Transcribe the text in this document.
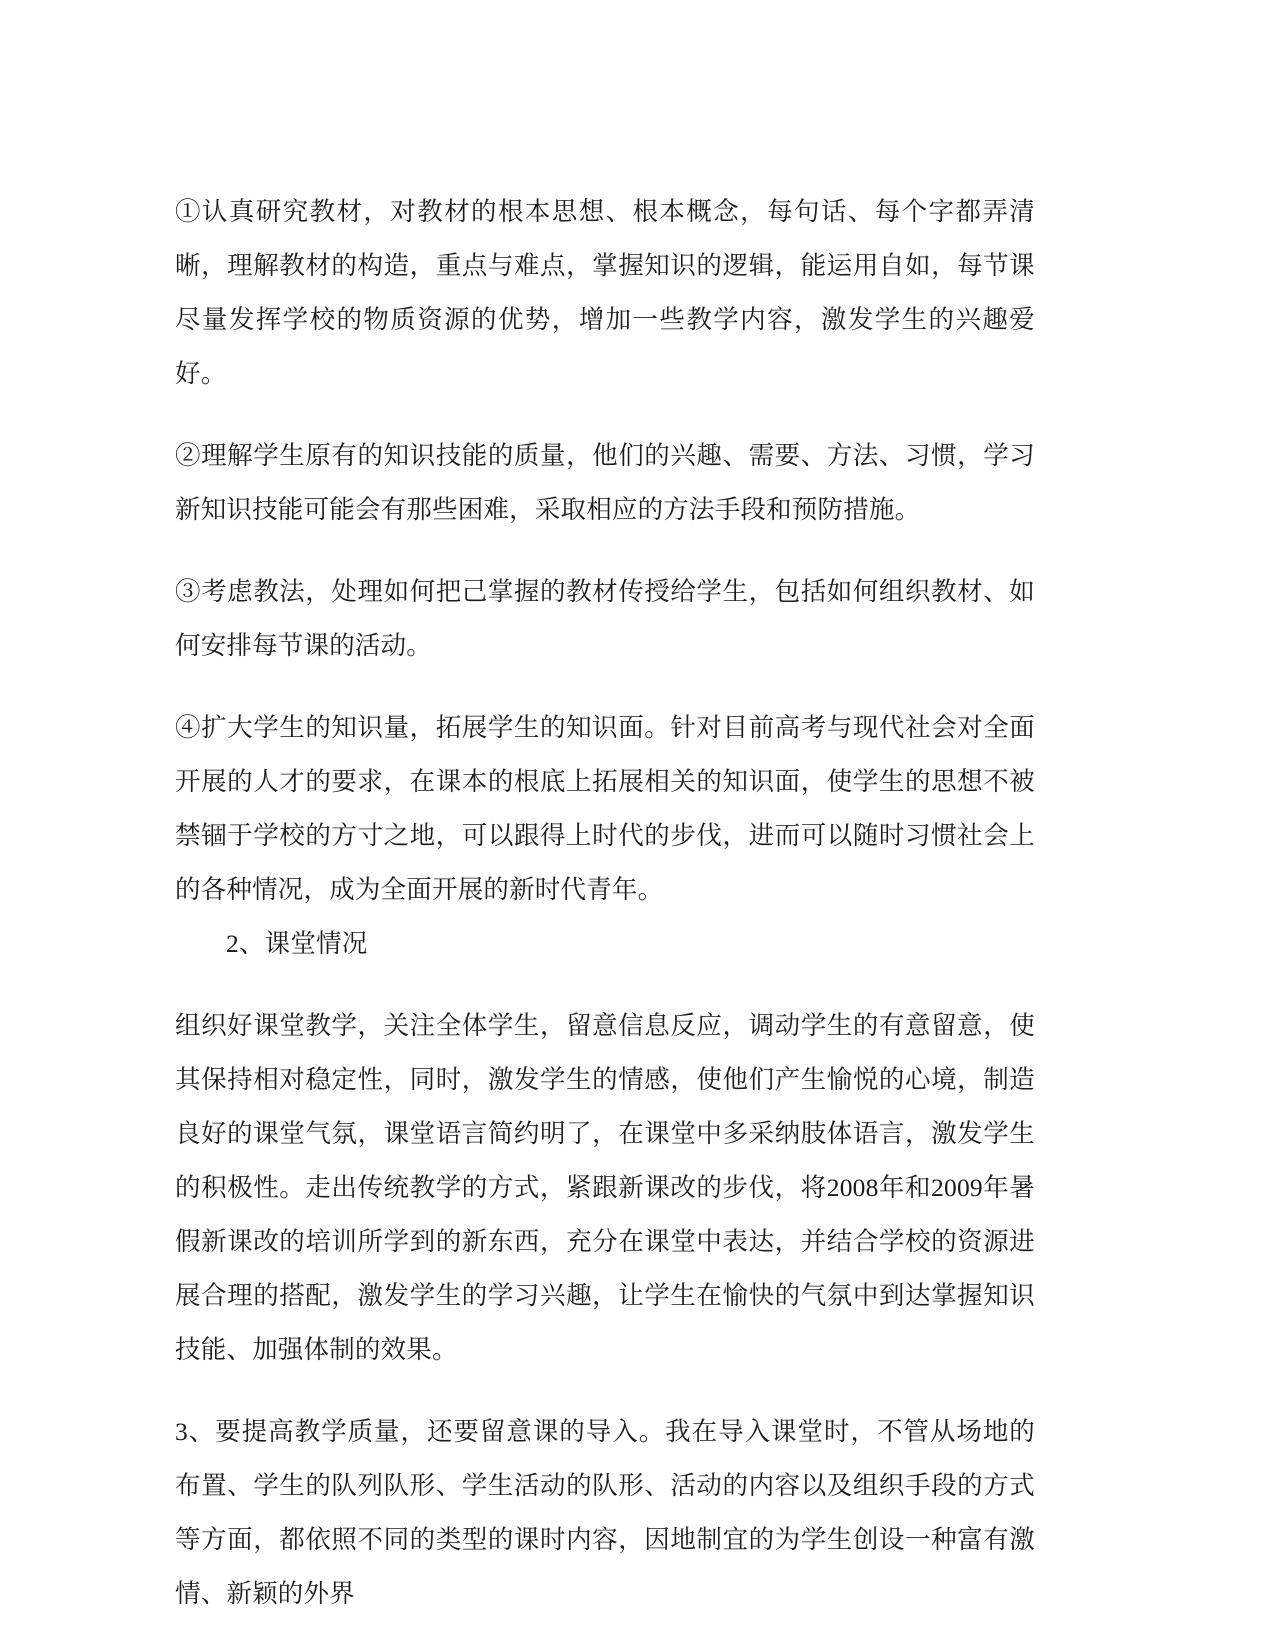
①认真研究教材，对教材的根本思想、根本概念，每句话、每个字都弄清晰，理解教材的构造，重点与难点，掌握知识的逻辑，能运用自如，每节课尽量发挥学校的物质资源的优势，增加一些教学内容，激发学生的兴趣爱好。

②理解学生原有的知识技能的质量，他们的兴趣、需要、方法、习惯，学习新知识技能可能会有那些困难，采取相应的方法手段和预防措施。

③考虑教法，处理如何把己掌握的教材传授给学生，包括如何组织教材、如何安排每节课的活动。

④扩大学生的知识量，拓展学生的知识面。针对目前高考与现代社会对全面开展的人才的要求，在课本的根底上拓展相关的知识面，使学生的思想不被禁锢于学校的方寸之地，可以跟得上时代的步伐，进而可以随时习惯社会上的各种情况，成为全面开展的新时代青年。

2、课堂情况

组织好课堂教学，关注全体学生，留意信息反应，调动学生的有意留意，使其保持相对稳定性，同时，激发学生的情感，使他们产生愉悦的心境，制造良好的课堂气氛，课堂语言简约明了，在课堂中多采纳肢体语言，激发学生的积极性。走出传统教学的方式，紧跟新课改的步伐，将2008年和2009年暑假新课改的培训所学到的新东西，充分在课堂中表达，并结合学校的资源进展合理的搭配，激发学生的学习兴趣，让学生在愉快的气氛中到达掌握知识技能、加强体制的效果。

3、要提高教学质量，还要留意课的导入。我在导入课堂时，不管从场地的布置、学生的队列队形、学生活动的队形、活动的内容以及组织手段的方式等方面，都依照不同的类型的课时内容，因地制宜的为学生创设一种富有激情、新颖的外界
